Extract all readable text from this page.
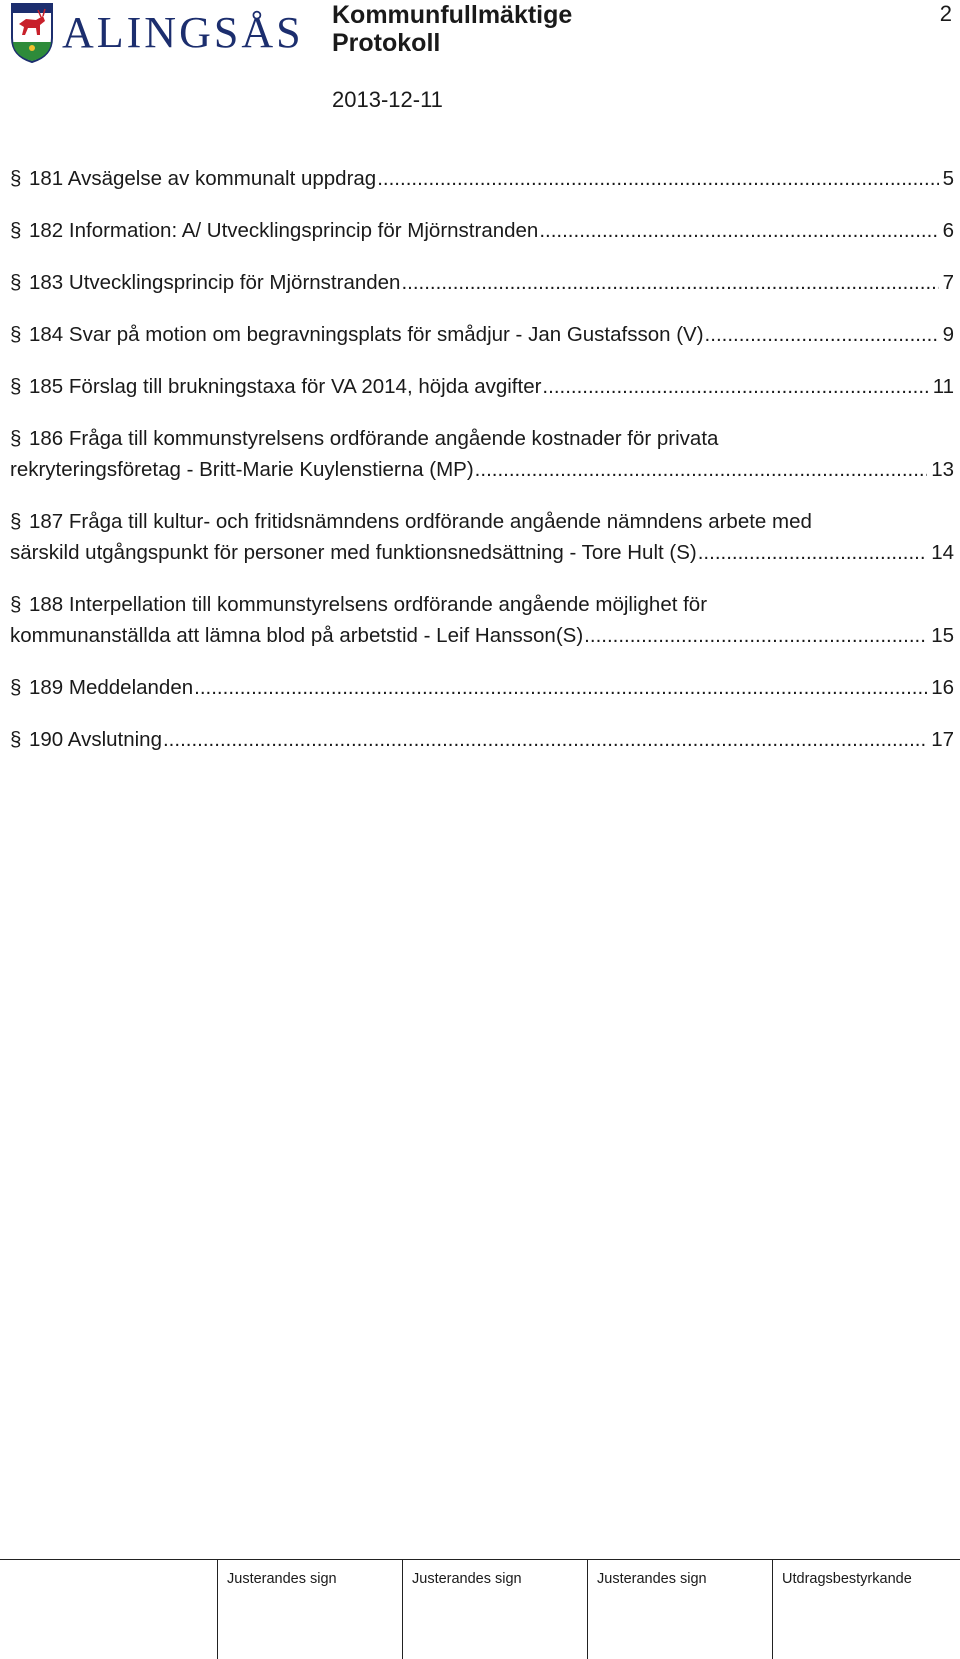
ALINGSÅS Kommunfullmäktige
Protokoll
2013-12-11
2
§ 181 Avsägelse av kommunalt uppdrag .....	5
§ 182 Information: A/ Utvecklingsprincip för Mjörnstranden .....	6
§ 183 Utvecklingsprincip för Mjörnstranden .....	7
§ 184 Svar på motion om begravningsplats för smådjur - Jan Gustafsson (V) .....	9
§ 185 Förslag till brukningstaxa för VA 2014, höjda avgifter .....	11
§ 186 Fråga till kommunstyrelsens ordförande angående kostnader för privata
rekryteringsföretag - Britt-Marie Kuylenstierna (MP) .....	13
§ 187 Fråga till kultur- och fritidsnämndens ordförande angående nämndens arbete med
särskild utgångspunkt för personer med funktionsnedsättning - Tore Hult (S) .....	14
§ 188 Interpellation till kommunstyrelsens ordförande angående möjlighet för
kommunanställda att lämna blod på arbetstid - Leif Hansson(S) .....	15
§ 189 Meddelanden .....	16
§ 190 Avslutning .....	17
Justerandes sign	Justerandes sign	Justerandes sign	Utdragsbestyrkande
